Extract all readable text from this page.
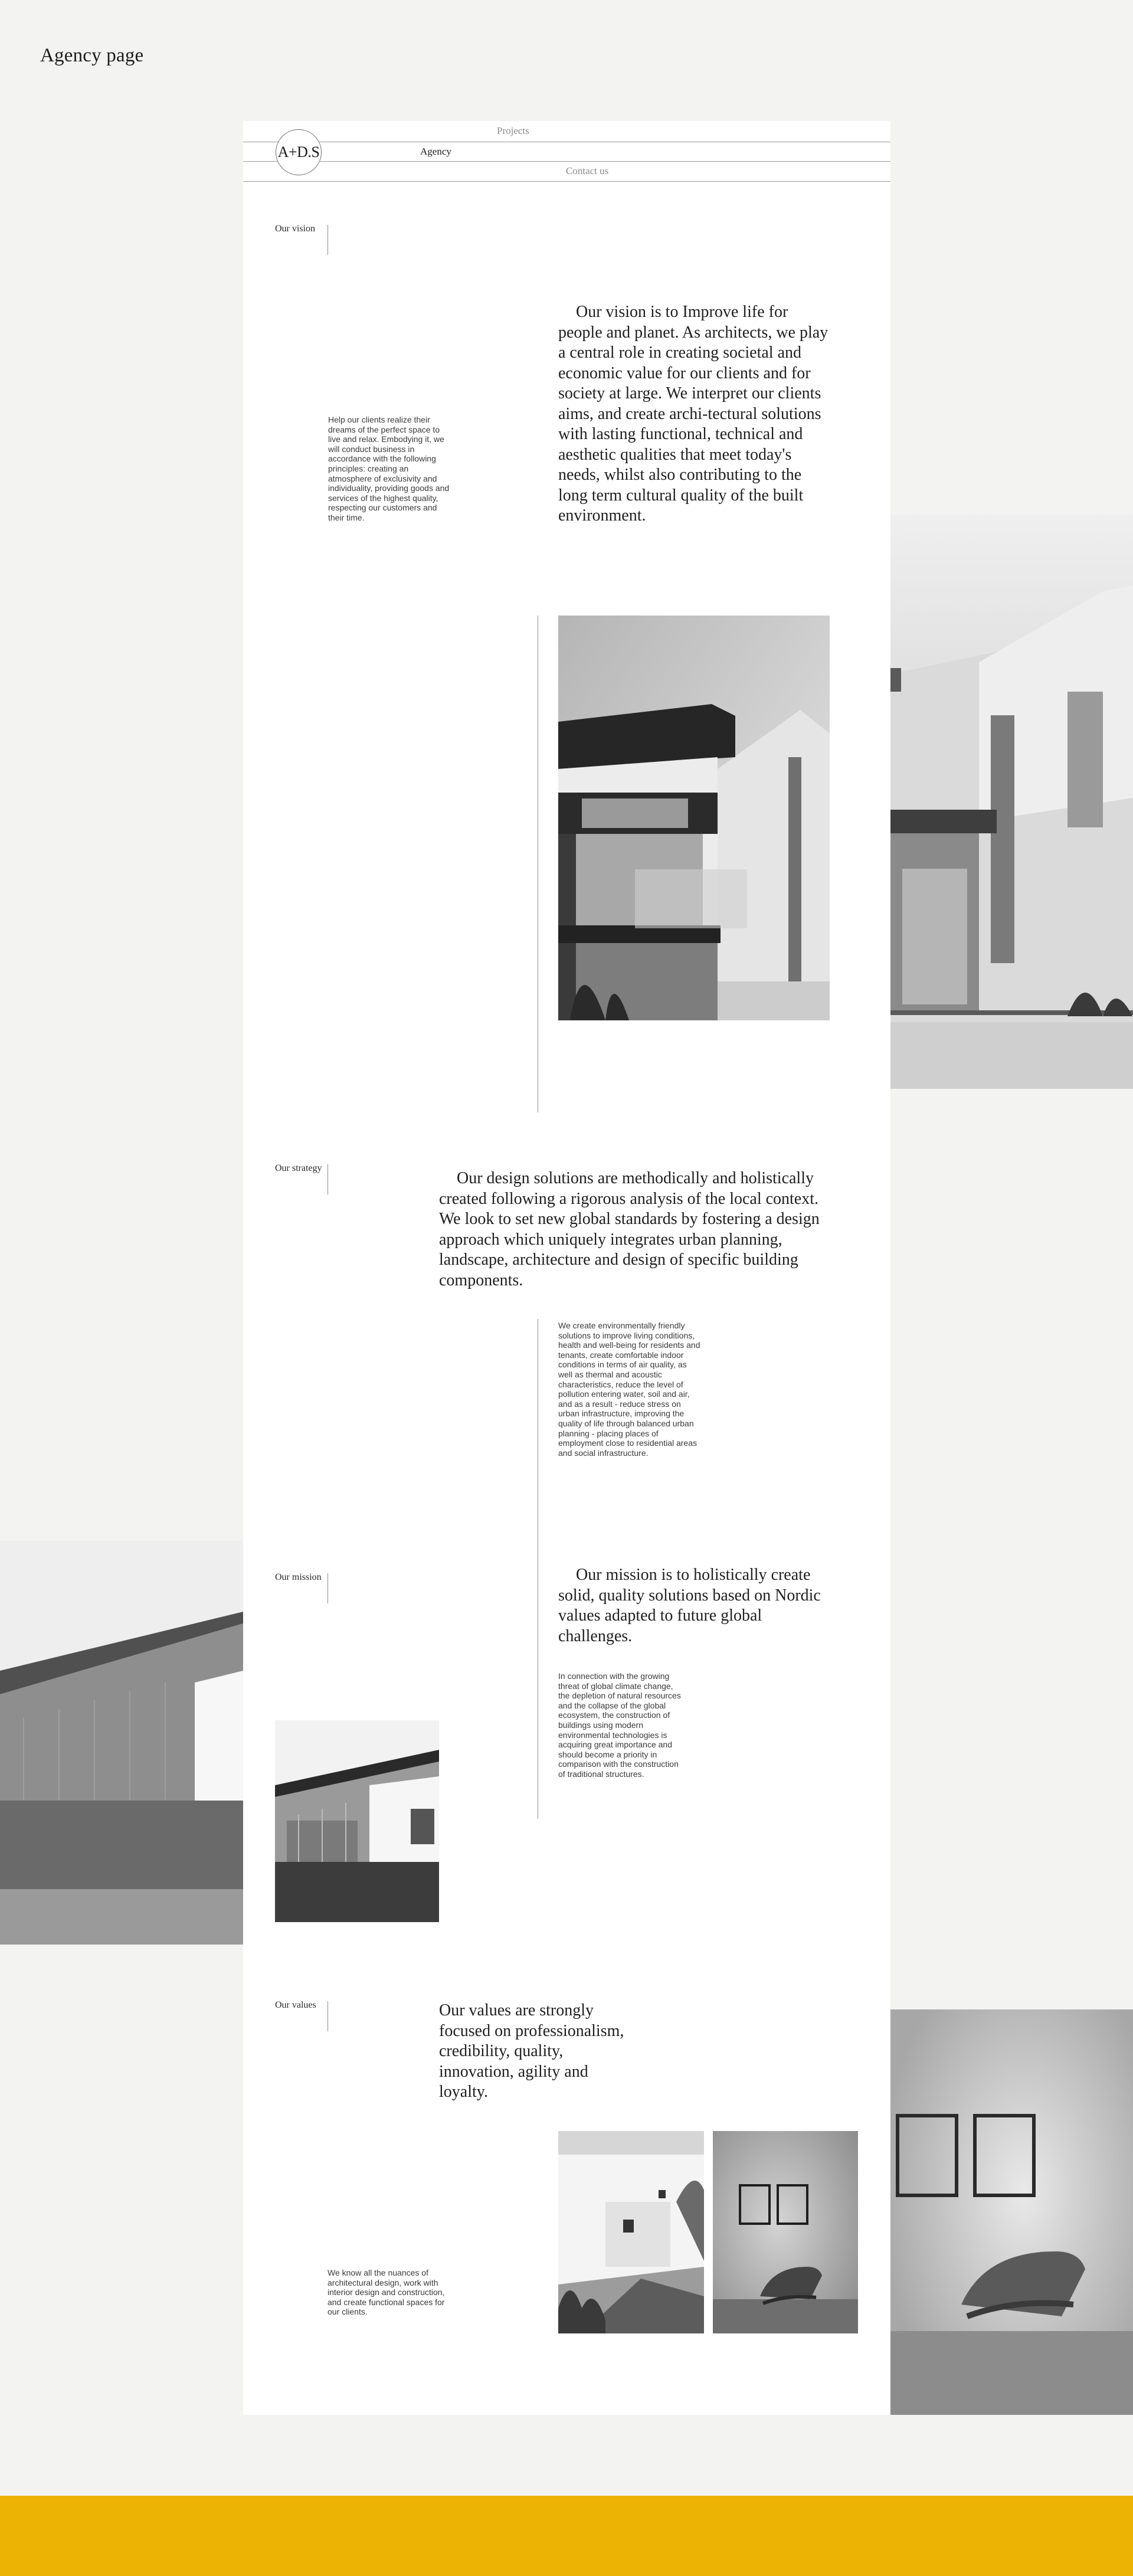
Agency page
Projects
Agency
Contact us
A+D.S
Our vision
Our vision is to Improve life for people and planet. As architects, we play a central role in creating societal and economic value for our clients and for society at large. We interpret our clients aims, and create archi-tectural solutions with lasting functional, technical and aesthetic qualities that meet today's needs, whilst also contributing to the long term cultural quality of the built environment.
Help our clients realize their dreams of the perfect space to live and relax. Embodying it, we will conduct business in accordance with the following principles: creating an atmosphere of exclusivity and individuality, providing goods and services of the highest quality, respecting our customers and their time.
Our strategy
Our design solutions are methodically and holistically created following a rigorous analysis of the local context. We look to set new global standards by fostering a design approach which uniquely integrates urban planning, landscape, architecture and design of specific building components.
We create environmentally friendly solutions to improve living conditions, health and well-being for residents and tenants, create comfortable indoor conditions in terms of air quality, as well as thermal and acoustic characteristics, reduce the level of pollution entering water, soil and air, and as a result - reduce stress on urban infrastructure, improving the quality of life through balanced urban planning - placing places of employment close to residential areas and social infrastructure.
Our mission	Our mission is to holistically create solid, quality solutions based on Nordic values adapted to future global challenges.
In connection with the growing threat of global climate change, the depletion of natural resources and the collapse of the global ecosystem, the construction of buildings using modern environmental technologies is acquiring great importance and should become a priority in comparison with the construction of traditional structures.
Our values	Our values are strongly focused on professionalism, credibility, quality, innovation, agility and loyalty.
We know all the nuances of architectural design, work with interior design and construction, and create functional spaces for our clients.
